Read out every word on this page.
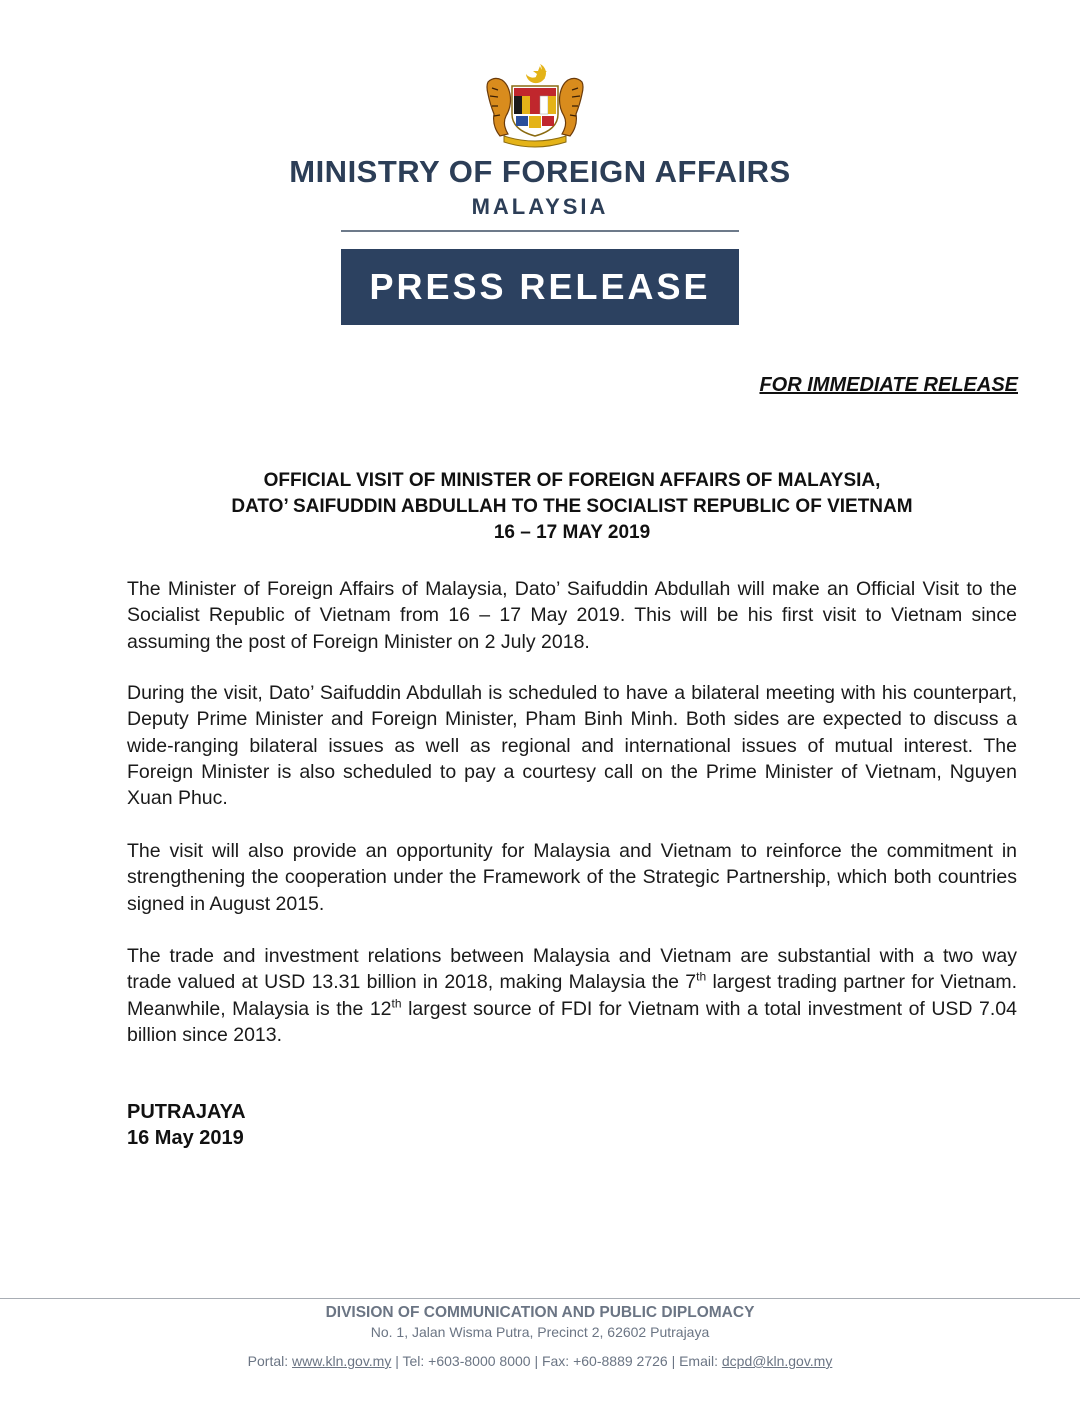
MINISTRY OF FOREIGN AFFAIRS
MALAYSIA
PRESS RELEASE
FOR IMMEDIATE RELEASE
OFFICIAL VISIT OF MINISTER OF FOREIGN AFFAIRS OF MALAYSIA,
DATO’ SAIFUDDIN ABDULLAH TO THE SOCIALIST REPUBLIC OF VIETNAM
16 – 17 MAY 2019

The Minister of Foreign Affairs of Malaysia, Dato’ Saifuddin Abdullah will make an Official Visit to the Socialist Republic of Vietnam from 16 – 17 May 2019. This will be his first visit to Vietnam since assuming the post of Foreign Minister on 2 July 2018.

During the visit, Dato’ Saifuddin Abdullah is scheduled to have a bilateral meeting with his counterpart, Deputy Prime Minister and Foreign Minister, Pham Binh Minh. Both sides are expected to discuss a wide-ranging bilateral issues as well as regional and international issues of mutual interest. The Foreign Minister is also scheduled to pay a courtesy call on the Prime Minister of Vietnam, Nguyen Xuan Phuc.

The visit will also provide an opportunity for Malaysia and Vietnam to reinforce the commitment in strengthening the cooperation under the Framework of the Strategic Partnership, which both countries signed in August 2015.

The trade and investment relations between Malaysia and Vietnam are substantial with a two way trade valued at USD 13.31 billion in 2018, making Malaysia the 7th largest trading partner for Vietnam. Meanwhile, Malaysia is the 12th largest source of FDI for Vietnam with a total investment of USD 7.04 billion since 2013.

PUTRAJAYA
16 May 2019
DIVISION OF COMMUNICATION AND PUBLIC DIPLOMACY
No. 1, Jalan Wisma Putra, Precinct 2, 62602 Putrajaya
Portal: www.kln.gov.my | Tel: +603-8000 8000 | Fax: +60-8889 2726 | Email: dcpd@kln.gov.my
